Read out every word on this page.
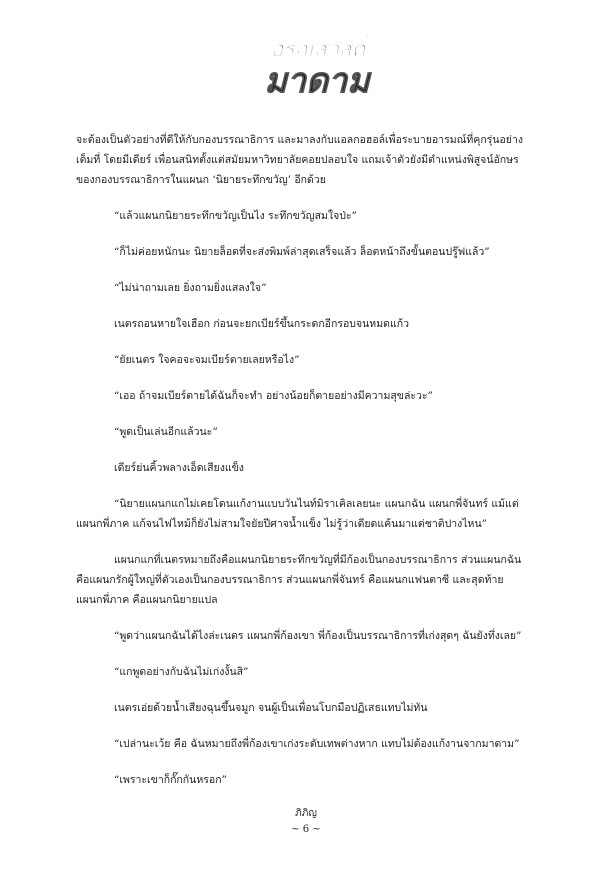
อรุณสวัสดิ์
มาดาม
จะต้องเป็นตัวอย่างที่ดีให้กับกองบรรณาธิการ และมาลงกับแอลกอฮอล์เพื่อระบายอารมณ์ที่คุกรุ่นอย่าง
เต็มที่ โดยมีเดียร์ เพื่อนสนิทตั้งแต่สมัยมหาวิทยาลัยคอยปลอบใจ แถมเจ้าตัวยังมีตำแหน่งพิสูจน์อักษร
ของกองบรรณาธิการในแผนก ‘นิยายระทึกขวัญ’ อีกด้วย
“แล้วแผนกนิยายระทึกขวัญเป็นไง ระทึกขวัญสมใจป่ะ”
“ก็ไม่ค่อยหนักนะ นิยายล็อตที่จะส่งพิมพ์ล่าสุดเสร็จแล้ว ล็อตหน้าถึงขั้นตอนปรู๊ฟแล้ว”
“ไม่น่าถามเลย ยิ่งถามยิ่งแสลงใจ”
เนตรถอนหายใจเฮือก ก่อนจะยกเบียร์ขึ้นกระดกอีกรอบจนหมดแก้ว
“ยัยเนตร ใจคอจะจมเบียร์ตายเลยหรือไง”
“เออ ถ้าจมเบียร์ตายได้ฉันก็จะทำ อย่างน้อยก็ตายอย่างมีความสุขล่ะวะ”
“พูดเป็นเล่นอีกแล้วนะ”
เดียร์ย่นคิ้วพลางเอ็ดเสียงแข็ง
“นิยายแผนกแกไม่เคยโดนแก้งานแบบวันไนท์มิราเคิลเลยนะ แผนกฉัน แผนกพี่จันทร์ แม้แต่
แผนกพี่ภาค แก้จนไฟไหม้ก็ยังไม่สามใจยัยปีศาจน้ำแข็ง ไม่รู้ว่าเดียดแค้นมาแต่ชาติปางไหน”
แผนกแกที่เนตรหมายถึงคือแผนกนิยายระทึกขวัญที่มีก้องเป็นกองบรรณาธิการ ส่วนแผนกฉัน
คือแผนกรักผู้ใหญ่ที่ตัวเองเป็นกองบรรณาธิการ ส่วนแผนกพี่จันทร์ คือแผนกแฟนตาซี และสุดท้าย
แผนกพี่ภาค คือแผนกนิยายแปล
“พูดว่าแผนกฉันได้ไงล่ะเนตร แผนกพี่ก้องเขา พี่ก้องเป็นบรรณาธิการที่เก่งสุดๆ ฉันยังทึ่งเลย”
“แกพูดอย่างกับฉันไม่เก่งงั้นสิ”
เนตรเอ่ยด้วยน้ำเสียงฉุนขึ้นจมูก จนผู้เป็นเพื่อนโบกมือปฏิเสธแทบไม่ทัน
“เปล่านะเว้ย คือ ฉันหมายถึงพี่ก้องเขาเก่งระดับเทพต่างหาก แทบไม่ต้องแก้งานจากมาดาม”
“เพราะเขาก็กั๊กกันหรอก”
ภิภิญ
~ 6 ~
